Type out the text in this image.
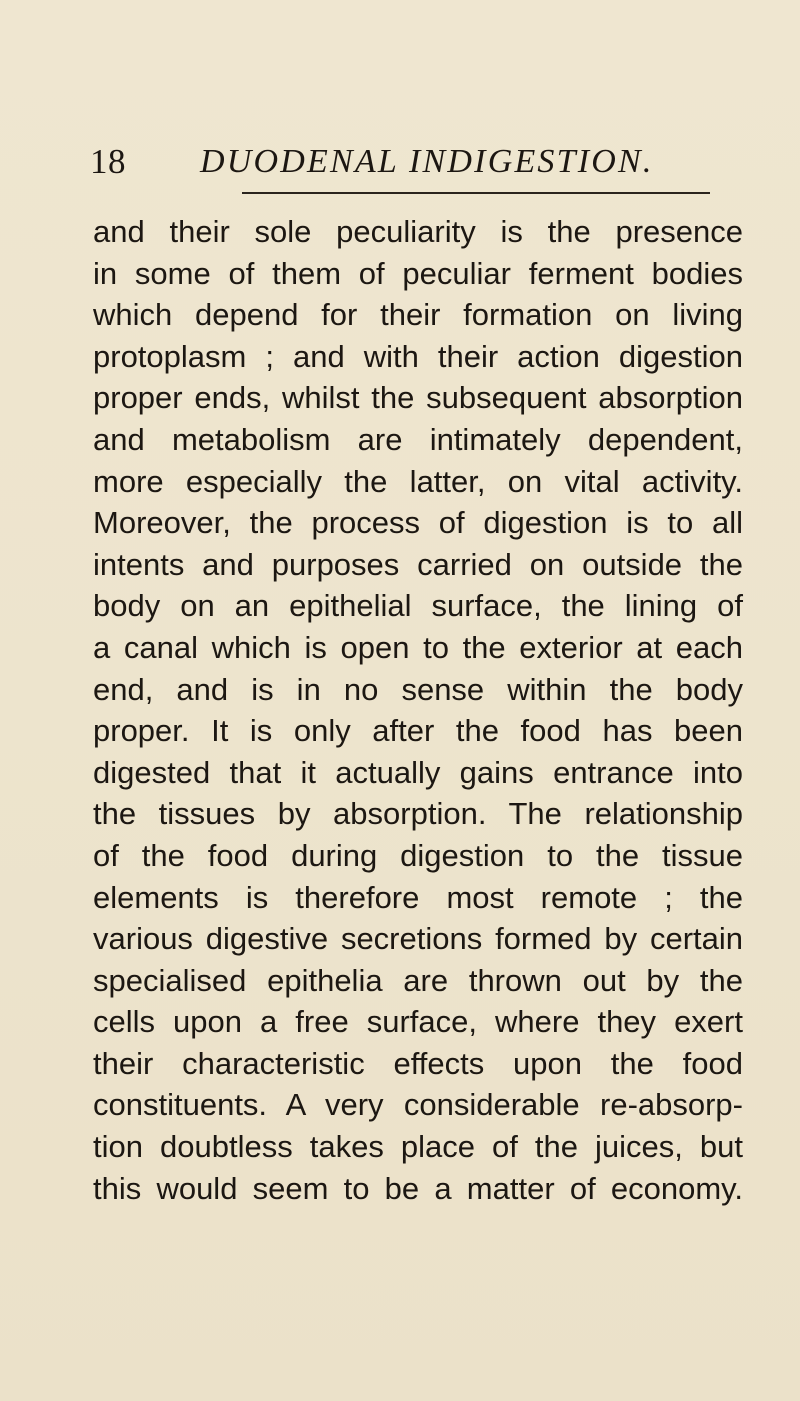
18 DUODENAL INDIGESTION.
and their sole peculiarity is the presence
in some of them of peculiar ferment bodies
which depend for their formation on living
protoplasm ; and with their action digestion
proper ends, whilst the subsequent absorption
and metabolism are intimately dependent,
more especially the latter, on vital activity.
Moreover, the process of digestion is to all
intents and purposes carried on outside the
body on an epithelial surface, the lining of
a canal which is open to the exterior at each
end, and is in no sense within the body
proper. It is only after the food has been
digested that it actually gains entrance into
the tissues by absorption. The relationship
of the food during digestion to the tissue
elements is therefore most remote ; the
various digestive secretions formed by certain
specialised epithelia are thrown out by the
cells upon a free surface, where they exert
their characteristic effects upon the food
constituents. A very considerable re-absorp-
tion doubtless takes place of the juices, but
this would seem to be a matter of economy.
